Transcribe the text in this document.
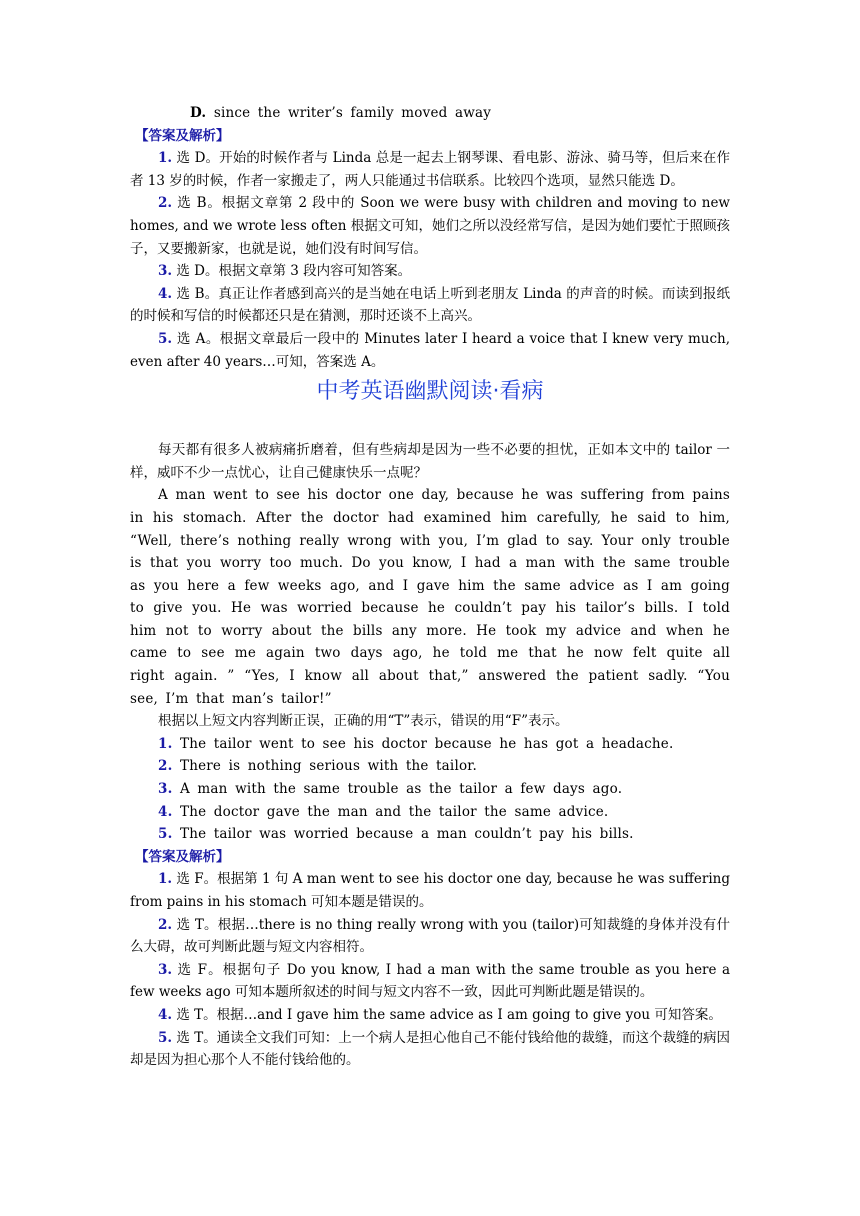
D. since the writer’s family moved away

【答案及解析】

1. 选 D。开始的时候作者与 Linda 总是一起去上钢琴课、看电影、游泳、骑马等，但后来在作者 13 岁的时候，作者一家搬走了，两人只能通过书信联系。比较四个选项，显然只能选 D。

2. 选 B。根据文章第 2 段中的 Soon we were busy with children and moving to new homes, and we wrote less often 根据文可知，她们之所以没经常写信，是因为她们要忙于照顾孩子，又要搬新家，也就是说，她们没有时间写信。

3. 选 D。根据文章第 3 段内容可知答案。

4. 选 B。真正让作者感到高兴的是当她在电话上听到老朋友 Linda 的声音的时候。而读到报纸的时候和写信的时候都还只是在猜测，那时还谈不上高兴。

5. 选 A。根据文章最后一段中的 Minutes later I heard a voice that I knew very much, even after 40 years…可知，答案选 A。

中考英语幽默阅读·看病

每天都有很多人被病痛折磨着，但有些病却是因为一些不必要的担忧，正如本文中的 tailor 一样，威吓不少一点忧心，让自己健康快乐一点呢？

A man went to see his doctor one day, because he was suffering from pains in his stomach. After the doctor had examined him carefully, he said to him, “Well, there’s nothing really wrong with you, I’m glad to say. Your only trouble is that you worry too much. Do you know, I had a man with the same trouble as you here a few weeks ago, and I gave him the same advice as I am going to give you. He was worried because he couldn’t pay his tailor’s bills. I told him not to worry about the bills any more. He took my advice and when he came to see me again two days ago, he told me that he now felt quite all right again. ” “Yes, I know all about that,” answered the patient sadly. “You see, I’m that man’s tailor!”

根据以上短文内容判断正误，正确的用“T”表示，错误的用“F”表示。

1. The tailor went to see his doctor because he has got a headache.

2. There is nothing serious with the tailor.

3. A man with the same trouble as the tailor a few days ago.

4. The doctor gave the man and the tailor the same advice.

5. The tailor was worried because a man couldn’t pay his bills.

【答案及解析】

1. 选 F。根据第 1 句 A man went to see his doctor one day, because he was suffering from pains in his stomach 可知本题是错误的。

2. 选 T。根据…there is no thing really wrong with you (tailor)可知裁缝的身体并没有什么大碍，故可判断此题与短文内容相符。

3. 选 F。根据句子 Do you know, I had a man with the same trouble as you here a few weeks ago 可知本题所叙述的时间与短文内容不一致，因此可判断此题是错误的。

4. 选 T。根据…and I gave him the same advice as I am going to give you 可知答案。

5. 选 T。通读全文我们可知：上一个病人是担心他自己不能付钱给他的裁缝，而这个裁缝的病因却是因为担心那个人不能付钱给他的。
